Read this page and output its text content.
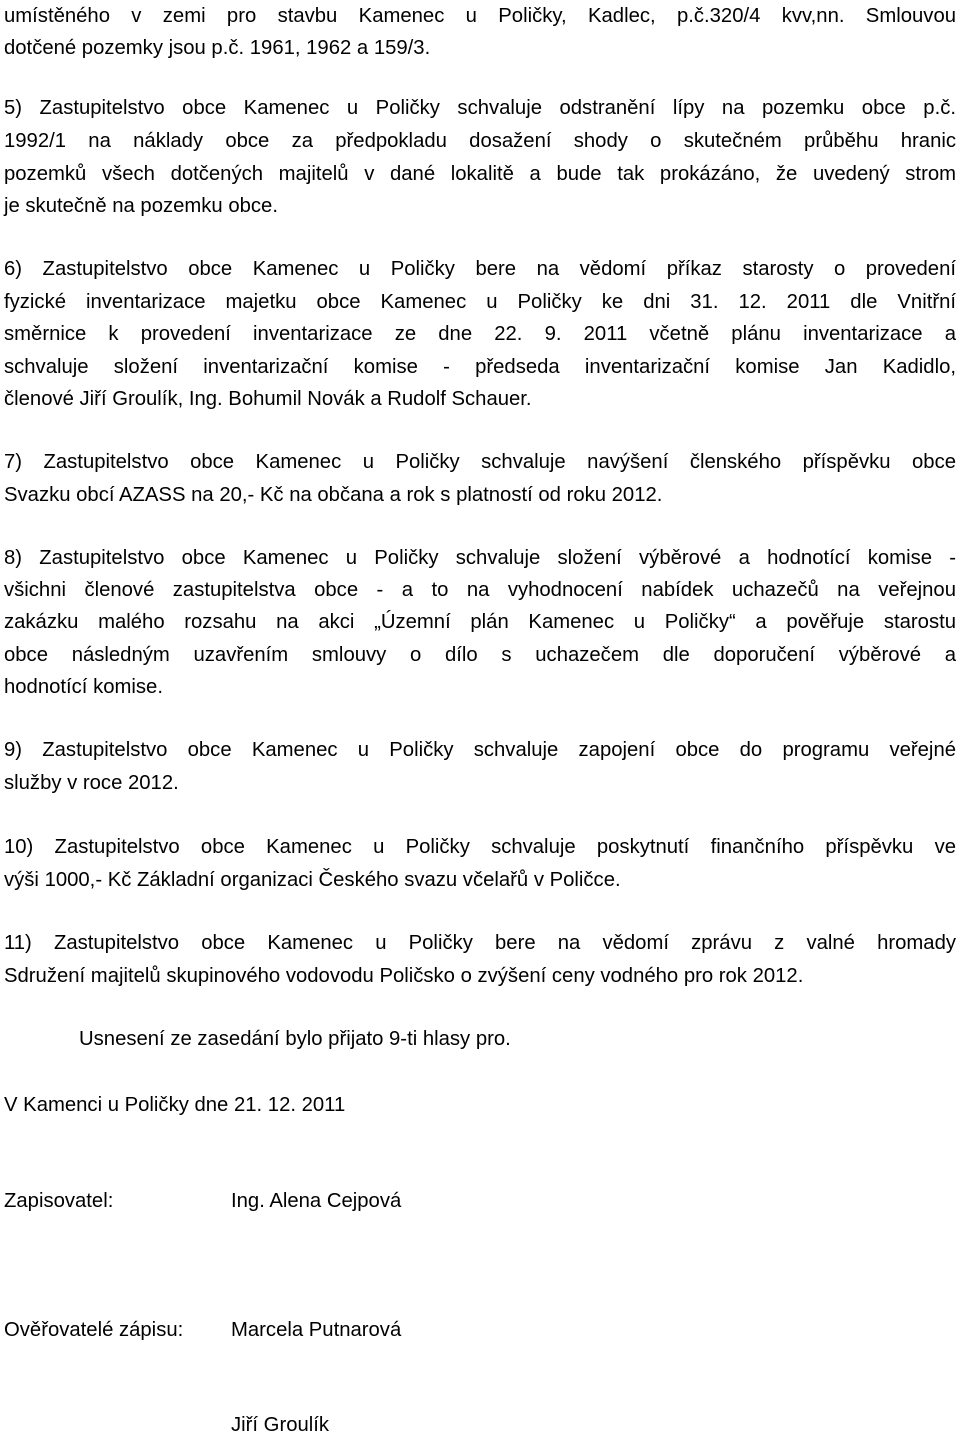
umístěného v zemi pro stavbu Kamenec u Poličky, Kadlec, p.č.320/4 kvv,nn. Smlouvou
dotčené pozemky jsou p.č. 1961, 1962 a 159/3.
5) Zastupitelstvo obce Kamenec u Poličky schvaluje odstranění lípy na pozemku obce p.č.
1992/1 na náklady obce za předpokladu dosažení shody o skutečném průběhu hranic
pozemků všech dotčených majitelů v dané lokalitě a bude tak prokázáno, že uvedený strom
je skutečně na pozemku obce.
6) Zastupitelstvo obce Kamenec u Poličky bere na vědomí příkaz starosty o provedení
fyzické inventarizace majetku obce Kamenec u Poličky ke dni 31. 12. 2011 dle Vnitřní
směrnice k provedení inventarizace ze dne 22. 9. 2011 včetně plánu inventarizace a
schvaluje složení inventarizační komise - předseda inventarizační komise Jan Kadidlo,
členové Jiří Groulík, Ing. Bohumil Novák a Rudolf Schauer.
7) Zastupitelstvo obce Kamenec u Poličky schvaluje navýšení členského příspěvku obce
Svazku obcí AZASS na 20,- Kč na občana a rok s platností od roku 2012.
8) Zastupitelstvo obce Kamenec u Poličky schvaluje složení výběrové a hodnotící komise -
všichni členové zastupitelstva obce - a to na vyhodnocení nabídek uchazečů na veřejnou
zakázku malého rozsahu na akci „Územní plán Kamenec u Poličky“ a pověřuje starostu
obce následným uzavřením smlouvy o dílo s uchazečem dle doporučení výběrové a
hodnotící komise.
9) Zastupitelstvo obce Kamenec u Poličky schvaluje zapojení obce do programu veřejné
služby v roce 2012.
10) Zastupitelstvo obce Kamenec u Poličky schvaluje poskytnutí finančního příspěvku ve
výši 1000,- Kč Základní organizaci Českého svazu včelařů v Poličce.
11) Zastupitelstvo obce Kamenec u Poličky bere na vědomí zprávu z valné hromady
Sdružení majitelů skupinového vodovodu Poličsko o zvýšení ceny vodného pro rok 2012.
Usnesení ze zasedání bylo přijato 9-ti hlasy pro.
V Kamenci u Poličky dne 21. 12. 2011
Zapisovatel:	Ing. Alena Cejpová
Ověřovatelé zápisu: Marcela Putnarová
Jiří Groulík
